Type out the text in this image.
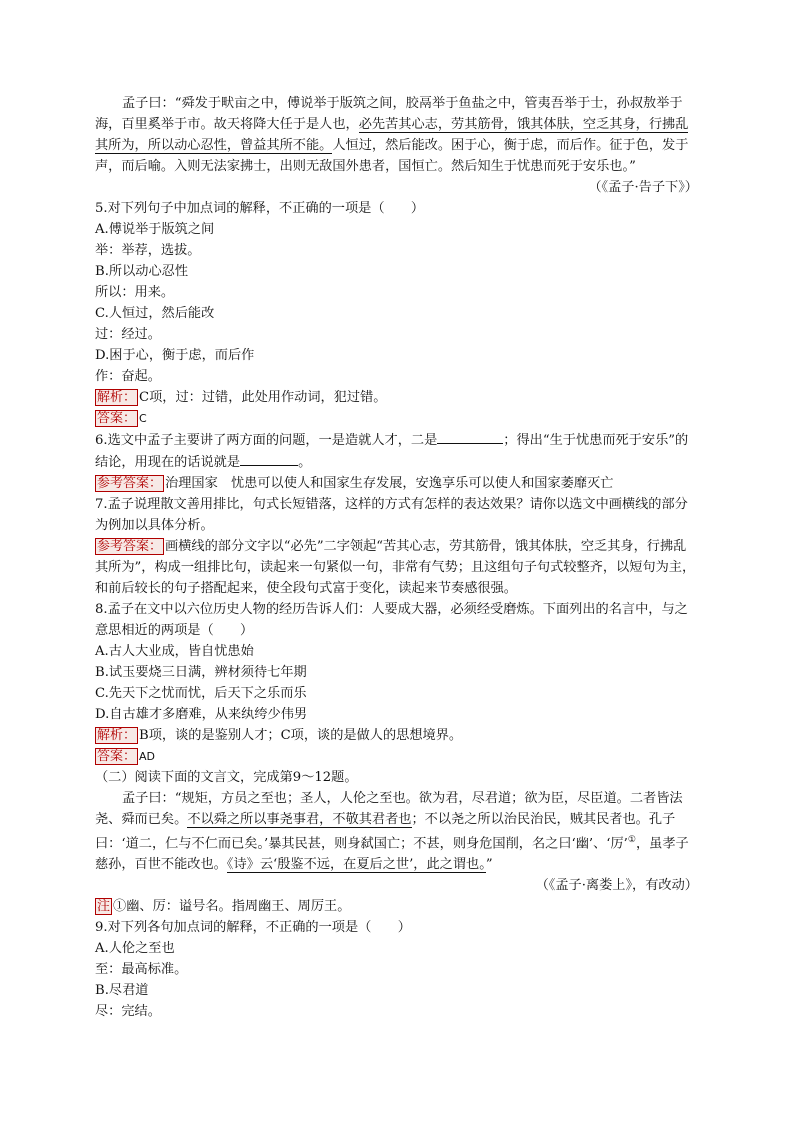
孟子曰：“舜发于畎亩之中，傅说举于版筑之间，胶鬲举于鱼盐之中，管夷吾举于士，孙叔敖举于海，百里奚举于市。故天将降大任于是人也，必先苦其心志，劳其筋骨，饿其体肤，空乏其身，行拂乱其所为，所以动心忍性，曾益其所不能。人恒过，然后能改。困于心，衡于虑，而后作。征于色，发于声，而后喻。入则无法家拂士，出则无敌国外患者，国恒亡。然后知生于忧患而死于安乐也。”

（《孟子·告子下》）

5.对下列句子中加点词的解释，不正确的一项是（　　）

A.傅说举于版筑之间

举：举荐，选拔。

B.所以动心忍性

所以：用来。

C.人恒过，然后能改

过：经过。

D.困于心，衡于虑，而后作

作：奋起。

解析： C项，过：过错，此处用作动词，犯过错。

答案： C

6.选文中孟子主要讲了两方面的问题，一是造就人才，二是	；得出“生于忧患而死于安乐”的结论，用现在的话说就是	。

参考答案： 治理国家　忧患可以使人和国家生存发展，安逸享乐可以使人和国家萎靡灭亡

7.孟子说理散文善用排比，句式长短错落，这样的方式有怎样的表达效果？请你以选文中画横线的部分为例加以具体分析。

参考答案： 画横线的部分文字以“必先”二字领起“苦其心志，劳其筋骨，饿其体肤，空乏其身，行拂乱其所为”，构成一组排比句，读起来一句紧似一句，非常有气势；且这组句子句式较整齐，以短句为主，和前后较长的句子搭配起来，使全段句式富于变化，读起来节奏感很强。

8.孟子在文中以六位历史人物的经历告诉人们：人要成大器，必须经受磨炼。下面列出的名言中，与之意思相近的两项是（　　）

A.古人大业成，皆自忧患始

B.试玉要烧三日满，辨材须待七年期

C.先天下之忧而忧，后天下之乐而乐

D.自古雄才多磨难，从来纨绔少伟男

解析： B项，谈的是鉴别人才；C项，谈的是做人的思想境界。

答案： AD

（二）阅读下面的文言文，完成第9～12题。

孟子曰：“规矩，方员之至也；圣人，人伦之至也。欲为君，尽君道；欲为臣，尽臣道。二者皆法尧、舜而已矣。不以舜之所以事尧事君，不敬其君者也；不以尧之所以治民治民，贼其民者也。孔子曰：‘道二，仁与不仁而已矣。’暴其民甚，则身弑国亡；不甚，则身危国削，名之曰‘幽’、‘厉’①，虽孝子慈孙，百世不能改也。《诗》云‘殷鉴不远，在夏后之世’，此之谓也。”

（《孟子·离娄上》，有改动）

注 ①幽、厉：谥号名。指周幽王、周厉王。

9.对下列各句加点词的解释，不正确的一项是（　　）

A.人伦之至也

至：最高标准。

B.尽君道

尽：完结。
